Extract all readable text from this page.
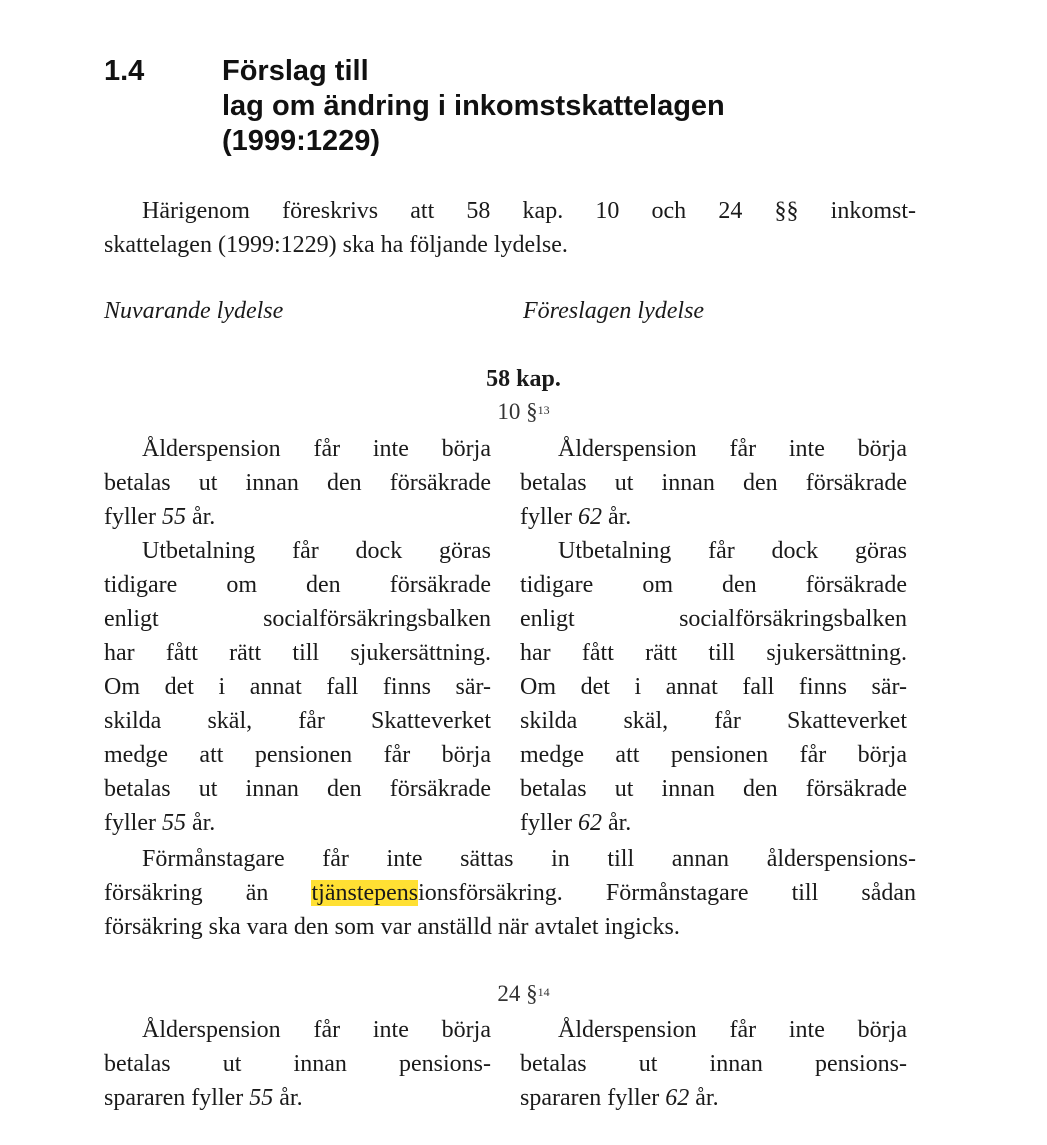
1.4	Förslag till
lag om ändring i inkomstskattelagen
(1999:1229)
Härigenom föreskrivs att 58 kap. 10 och 24 §§ inkomst-
skattelagen (1999:1229) ska ha följande lydelse.
Nuvarande lydelse	Föreslagen lydelse
58 kap.
10 §$^{13}$
Ålderspension får inte börja
betalas ut innan den försäkrade
fyller 55 år.
Utbetalning får dock göras
tidigare om den försäkrade
enligt socialförsäkringsbalken
har fått rätt till sjukersättning.
Om det i annat fall finns sär-
skilda skäl, får Skatteverket
medge att pensionen får börja
betalas ut innan den försäkrade
fyller 55 år.
Ålderspension får inte börja
betalas ut innan den försäkrade
fyller 62 år.
Utbetalning får dock göras
tidigare om den försäkrade
enligt socialförsäkringsbalken
har fått rätt till sjukersättning.
Om det i annat fall finns sär-
skilda skäl, får Skatteverket
medge att pensionen får börja
betalas ut innan den försäkrade
fyller 62 år.
Förmånstagare får inte sättas in till annan ålderspensions-
försäkring än tjänstepensionsförsäkring. Förmånstagare till sådan
försäkring ska vara den som var anställd när avtalet ingicks.
24 §$^{14}$
Ålderspension får inte börja
betalas ut innan pensions-
spararen fyller 55 år.
Ålderspension får inte börja
betalas ut innan pensions-
spararen fyller 62 år.
